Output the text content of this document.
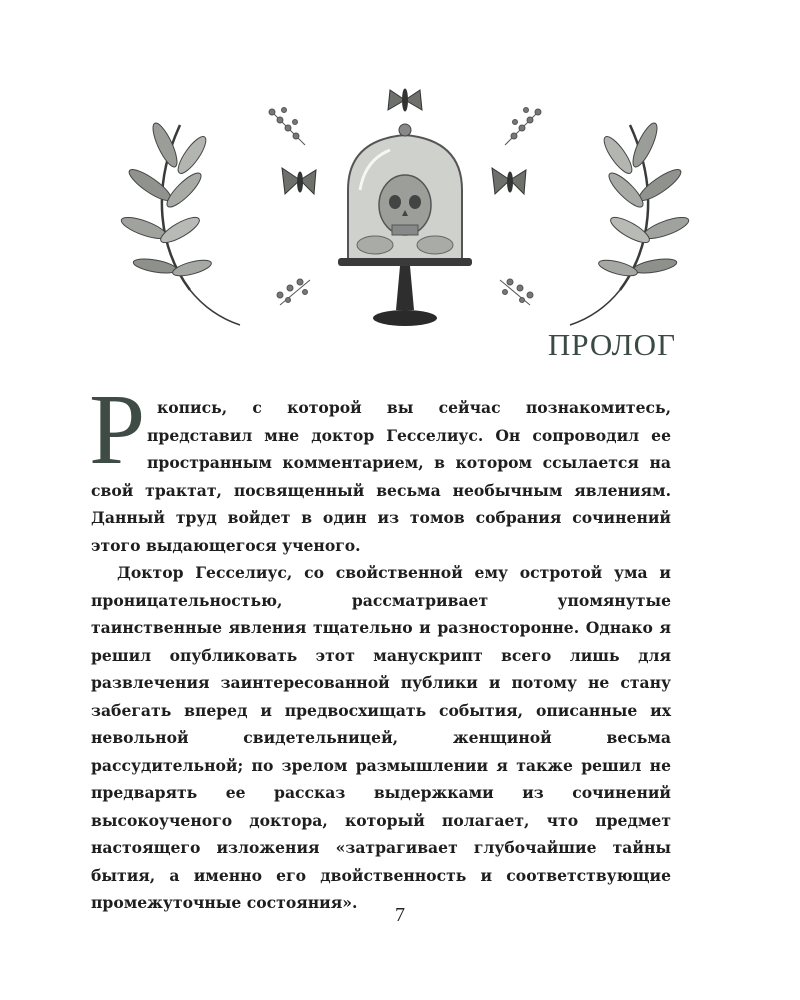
ПРОЛОГ
Р укопись, с которой вы сейчас познакомитесь, представил мне доктор Гесселиус. Он сопроводил ее пространным комментарием, в котором ссылается на свой трактат, посвященный весьма необычным явлениям. Данный труд войдет в один из томов собрания сочинений этого выдающегося ученого.

Доктор Гесселиус, со свойственной ему остротой ума и проницательностью, рассматривает упомянутые таинственные явления тщательно и разносторонне. Однако я решил опубликовать этот манускрипт всего лишь для развлечения заинтересованной публики и потому не стану забегать вперед и предвосхищать события, описанные их невольной свидетельницей, женщиной весьма рассудительной; по зрелом размышлении я также решил не предварять ее рассказ выдержками из сочинений высокоученого доктора, который полагает, что предмет настоящего изложения «затрагивает глубочайшие тайны бытия, а именно его двойственность и соответствующие промежуточные состояния».

7
